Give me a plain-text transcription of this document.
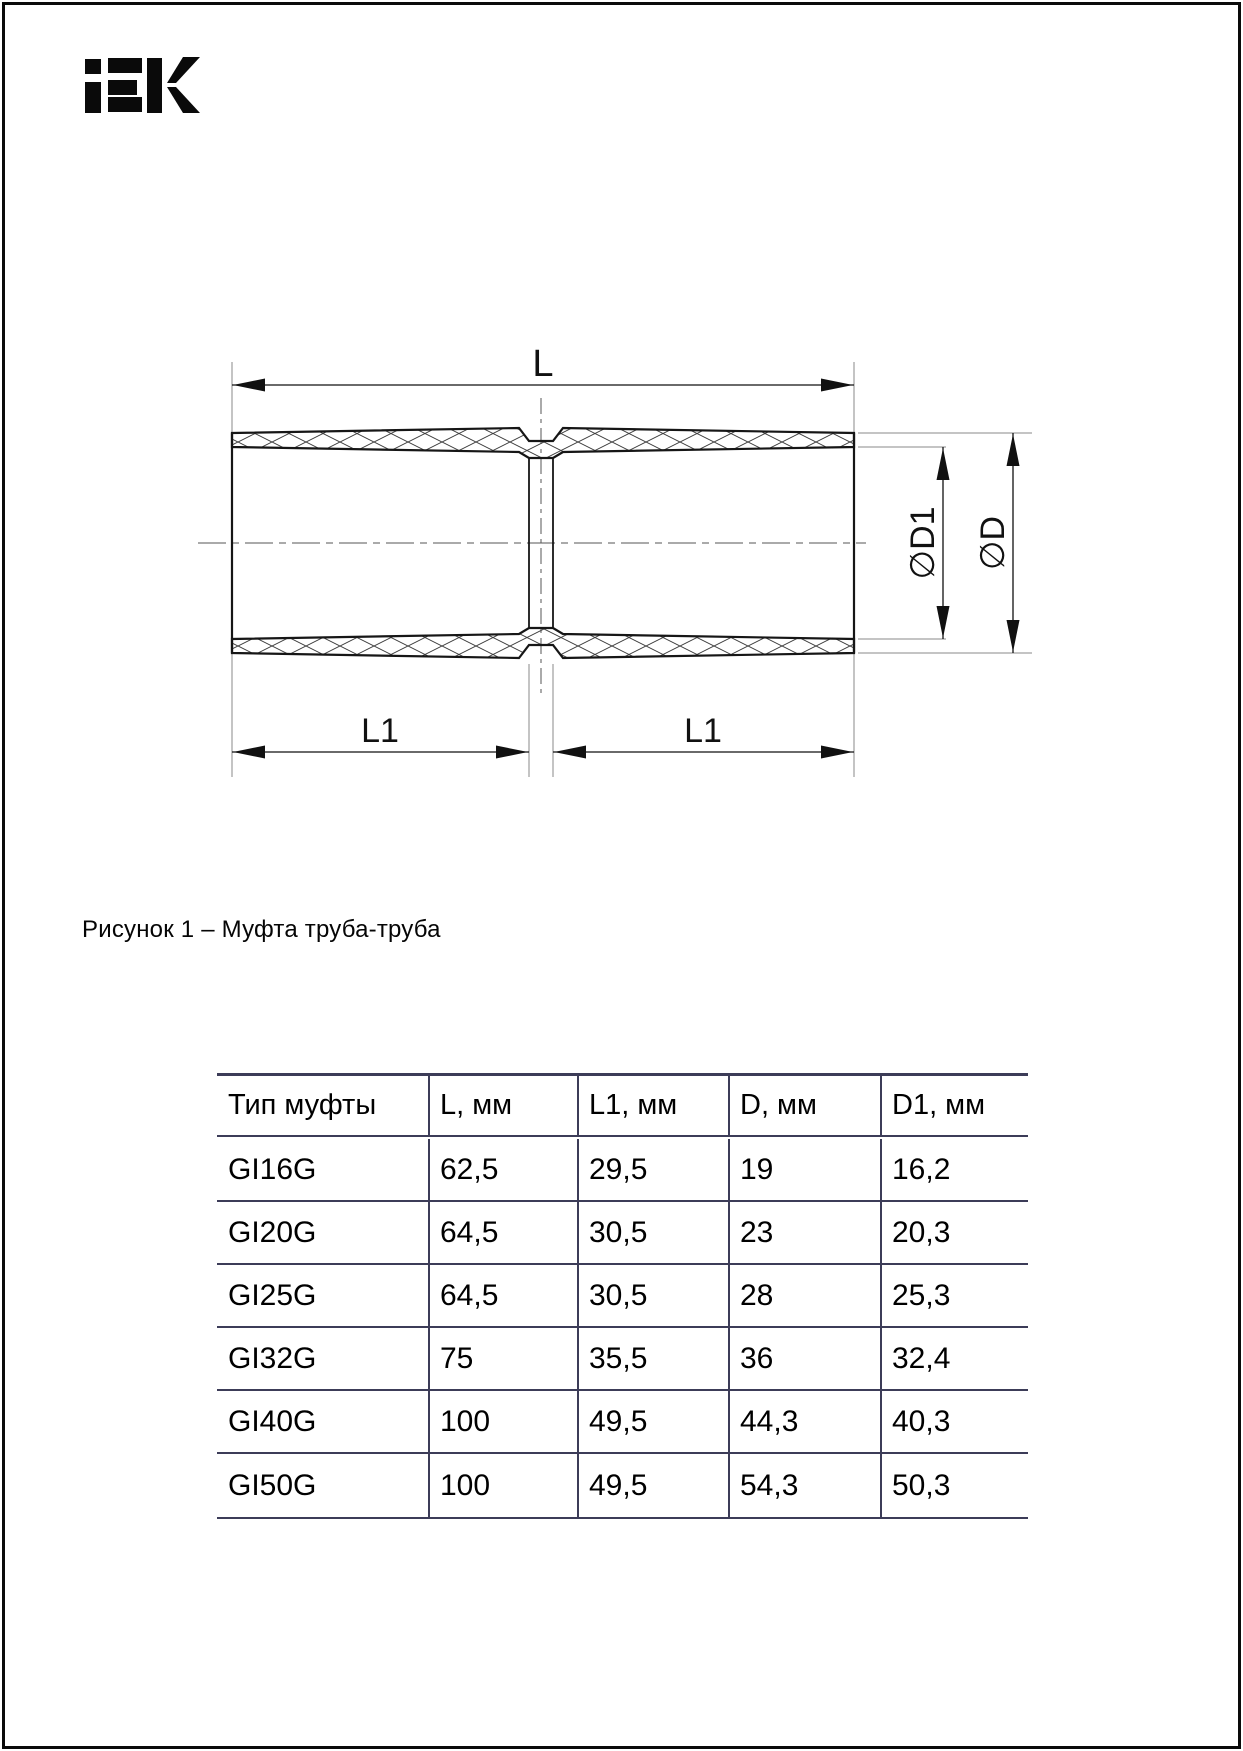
L
L1	L1
∅D1 ∅D
Рисунок 1 – Муфта труба-труба
Тип муфты	L, мм	L1, мм	D, мм	D1, мм
GI16G	62,5	29,5	19	16,2
GI20G	64,5	30,5	23	20,3
GI25G	64,5	30,5	28	25,3
GI32G	75	35,5	36	32,4
GI40G	100	49,5	44,3	40,3
GI50G	100	49,5	54,3	50,3
